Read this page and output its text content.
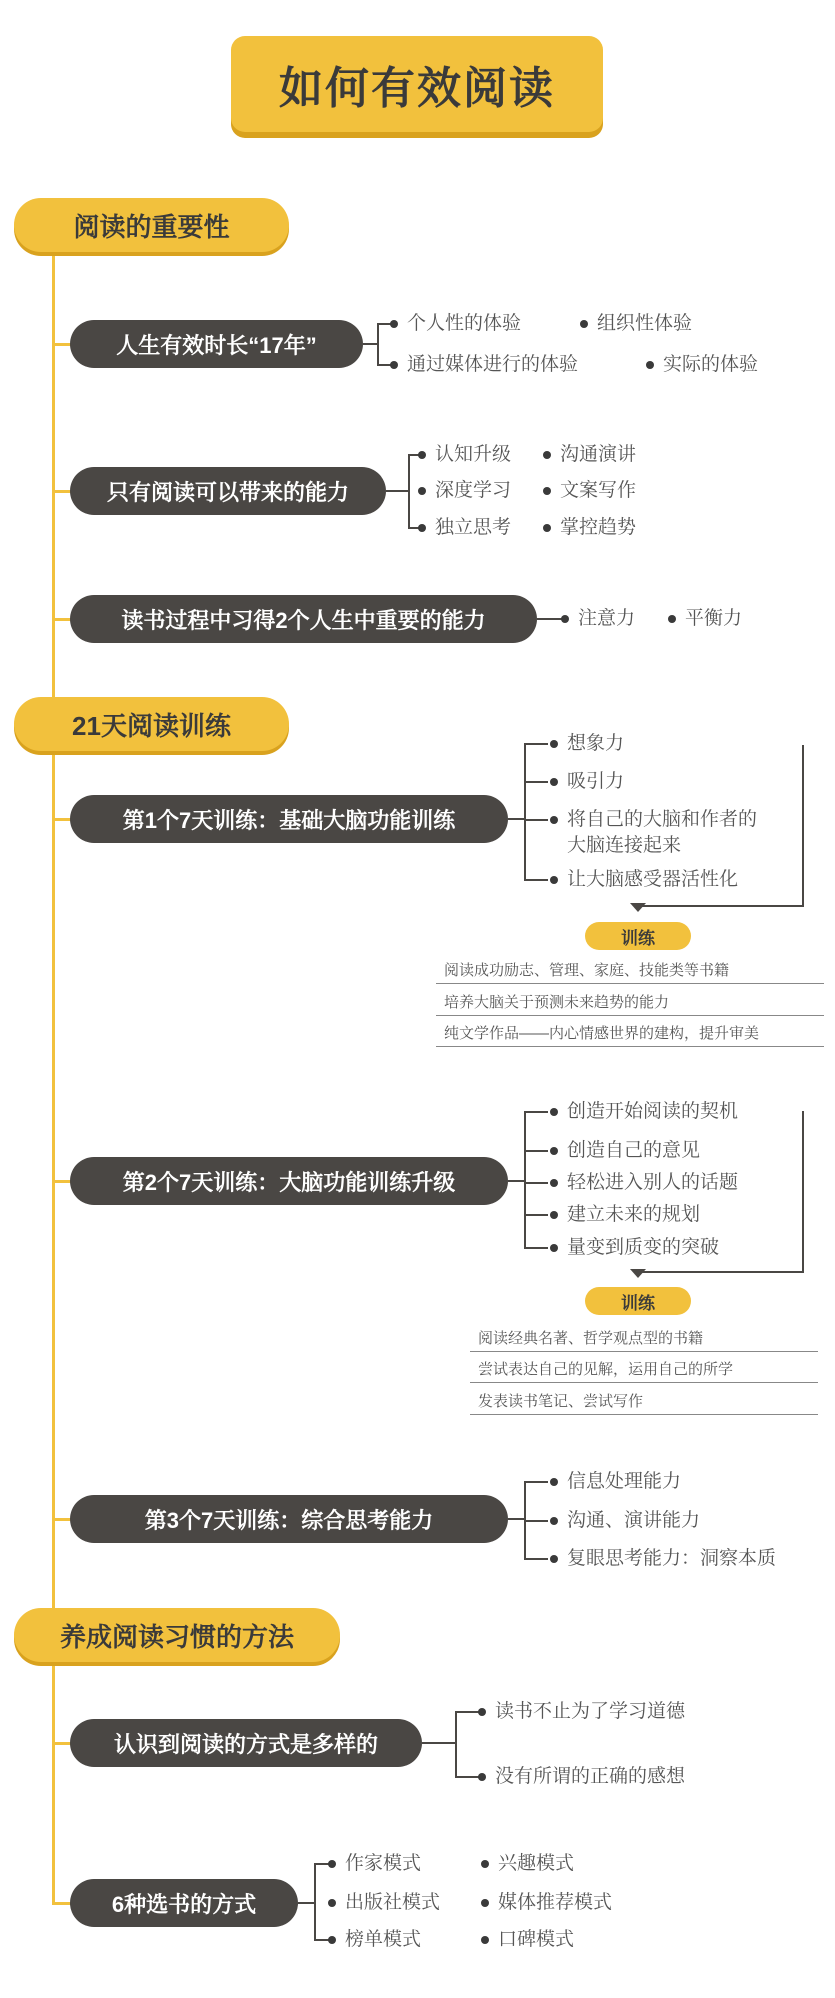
如何有效阅读
阅读的重要性
人生有效时长“17年”
个人性的体验	组织性体验
通过媒体进行的体验	实际的体验
只有阅读可以带来的能力
认知升级	沟通演讲
深度学习	文案写作
独立思考	掌控趋势
读书过程中习得2个人生中重要的能力	注意力	平衡力
21天阅读训练
第1个7天训练：基础大脑功能训练
想象力
吸引力
将自己的大脑和作者的
大脑连接起来
让大脑感受器活性化
训练
阅读成功励志、管理、家庭、技能类等书籍
培养大脑关于预测未来趋势的能力
纯文学作品——内心情感世界的建构，提升审美
第2个7天训练：大脑功能训练升级
创造开始阅读的契机
创造自己的意见
轻松进入别人的话题
建立未来的规划
量变到质变的突破
训练
阅读经典名著、哲学观点型的书籍
尝试表达自己的见解，运用自己的所学
发表读书笔记、尝试写作
第3个7天训练：综合思考能力
信息处理能力
沟通、演讲能力
复眼思考能力：洞察本质
养成阅读习惯的方法
认识到阅读的方式是多样的
读书不止为了学习道德
没有所谓的正确的感想
6种选书的方式
作家模式	兴趣模式
出版社模式	媒体推荐模式
榜单模式	口碑模式
